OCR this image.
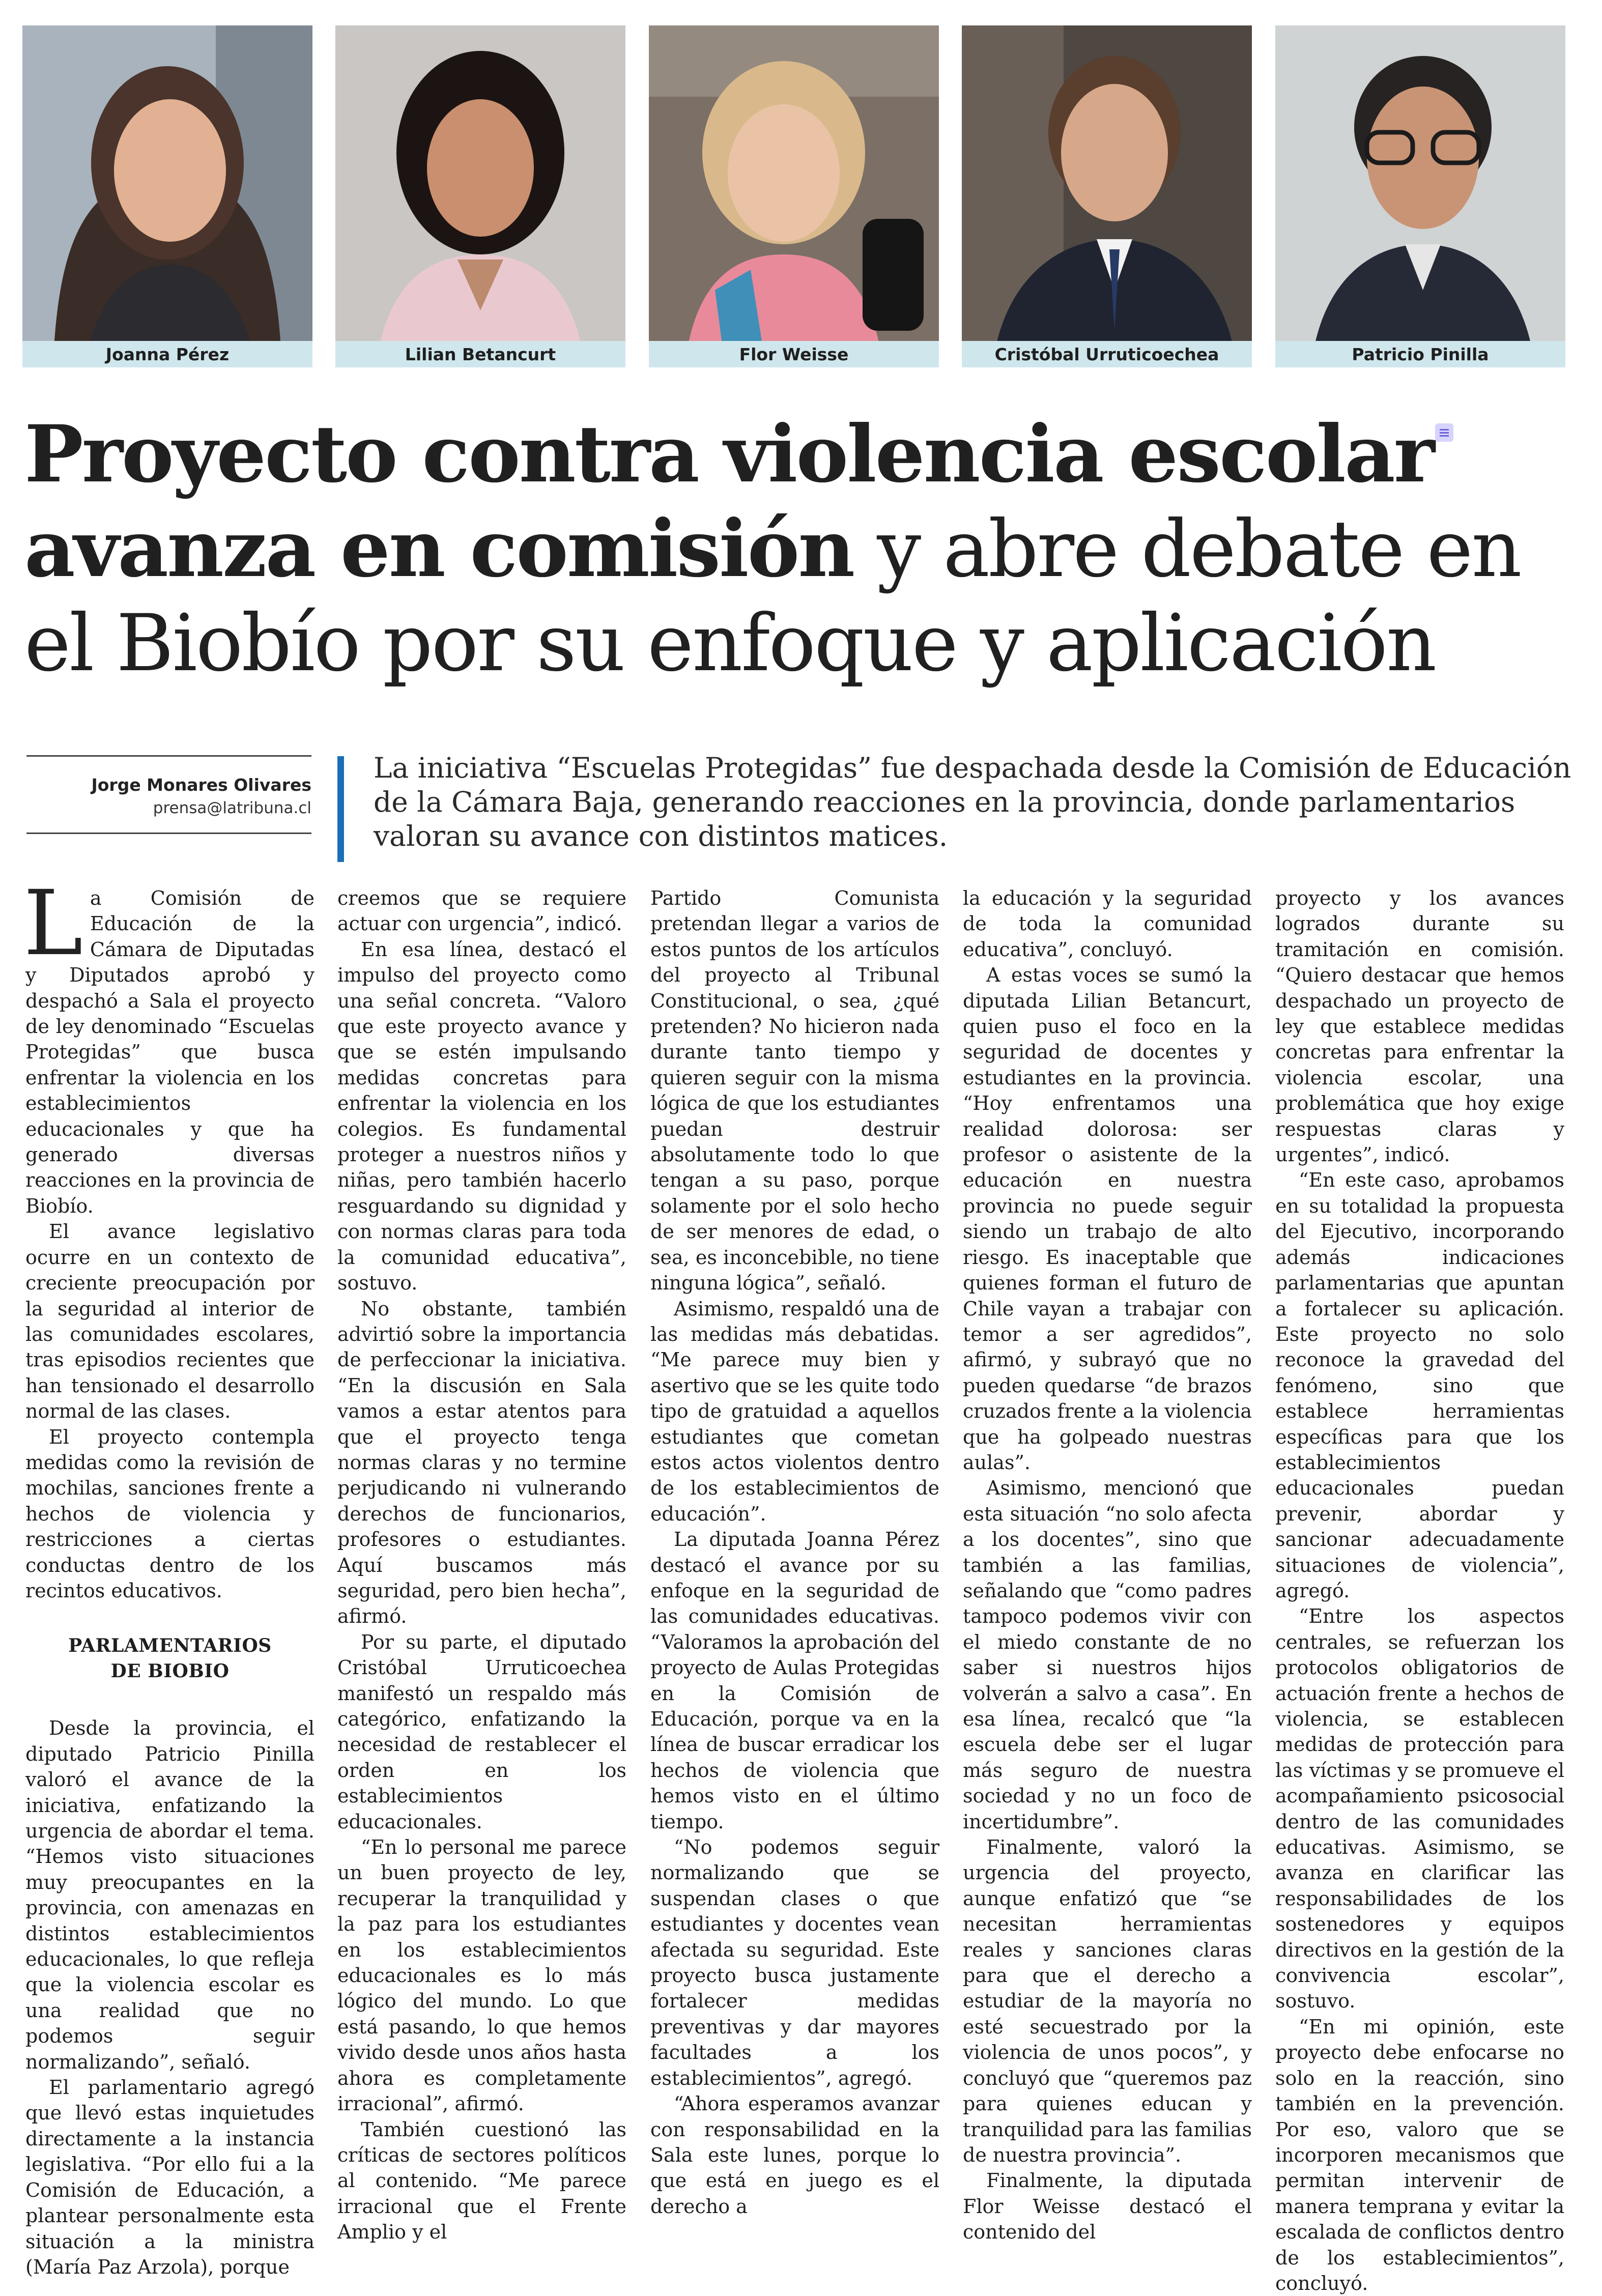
Joanna Pérez	Lilian Betancurt	Flor Weisse	Cristóbal Urruticoechea	Patricio Pinilla
Proyecto contra violencia escolar
avanza en comisión y abre debate en
el Biobío por su enfoque y aplicación
Jorge Monares Olivares
prensa@latribuna.cl

La iniciativa “Escuelas Protegidas” fue despachada desde la Comisión de Educación de la Cámara Baja, generando reacciones en la provincia, donde parlamentarios valoran su avance con distintos matices.

La Comisión de Educación de la Cámara de Diputadas y Diputados aprobó y despachó a Sala el proyecto de ley denominado “Escuelas Protegidas” que busca enfrentar la violencia en los establecimientos educacionales y que ha generado diversas reacciones en la provincia de Biobío.

El avance legislativo ocurre en un contexto de creciente preocupación por la seguridad al interior de las comunidades escolares, tras episodios recientes que han tensionado el desarrollo normal de las clases.

El proyecto contempla medidas como la revisión de mochilas, sanciones frente a hechos de violencia y restricciones a ciertas conductas dentro de los recintos educativos.

PARLAMENTARIOS
DE BIOBIO

Desde la provincia, el diputado Patricio Pinilla valoró el avance de la iniciativa, enfatizando la urgencia de abordar el tema. “Hemos visto situaciones muy preocupantes en la provincia, con amenazas en distintos establecimientos educacionales, lo que refleja que la violencia escolar es una realidad que no podemos seguir normalizando”, señaló.

El parlamentario agregó que llevó estas inquietudes directamente a la instancia legislativa. “Por ello fui a la Comisión de Educación, a plantear personalmente esta situación a la ministra (María Paz Arzola), porque

creemos que se requiere actuar con urgencia”, indicó.

En esa línea, destacó el impulso del proyecto como una señal concreta. “Valoro que este proyecto avance y que se estén impulsando medidas concretas para enfrentar la violencia en los colegios. Es fundamental proteger a nuestros niños y niñas, pero también hacerlo resguardando su dignidad y con normas claras para toda la comunidad educativa”, sostuvo.

No obstante, también advirtió sobre la importancia de perfeccionar la iniciativa. “En la discusión en Sala vamos a estar atentos para que el proyecto tenga normas claras y no termine perjudicando ni vulnerando derechos de funcionarios, profesores o estudiantes. Aquí buscamos más seguridad, pero bien hecha”, afirmó.

Por su parte, el diputado Cristóbal Urruticoechea manifestó un respaldo más categórico, enfatizando la necesidad de restablecer el orden en los establecimientos educacionales.

“En lo personal me parece un buen proyecto de ley, recuperar la tranquilidad y la paz para los estudiantes en los establecimientos educacionales es lo más lógico del mundo. Lo que está pasando, lo que hemos vivido desde unos años hasta ahora es completamente irracional”, afirmó.

También cuestionó las críticas de sectores políticos al contenido. “Me parece irracional que el Frente Amplio y el

Partido Comunista pretendan llegar a varios de estos puntos de los artículos del proyecto al Tribunal Constitucional, o sea, ¿qué pretenden? No hicieron nada durante tanto tiempo y quieren seguir con la misma lógica de que los estudiantes puedan destruir absolutamente todo lo que tengan a su paso, porque solamente por el solo hecho de ser menores de edad, o sea, es inconcebible, no tiene ninguna lógica”, señaló.

Asimismo, respaldó una de las medidas más debatidas. “Me parece muy bien y asertivo que se les quite todo tipo de gratuidad a aquellos estudiantes que cometan estos actos violentos dentro de los establecimientos de educación”.

La diputada Joanna Pérez destacó el avance por su enfoque en la seguridad de las comunidades educativas. “Valoramos la aprobación del proyecto de Aulas Protegidas en la Comisión de Educación, porque va en la línea de buscar erradicar los hechos de violencia que hemos visto en el último tiempo.

“No podemos seguir normalizando que se suspendan clases o que estudiantes y docentes vean afectada su seguridad. Este proyecto busca justamente fortalecer medidas preventivas y dar mayores facultades a los establecimientos”, agregó.

“Ahora esperamos avanzar con responsabilidad en la Sala este lunes, porque lo que está en juego es el derecho a

la educación y la seguridad de toda la comunidad educativa”, concluyó.

A estas voces se sumó la diputada Lilian Betancurt, quien puso el foco en la seguridad de docentes y estudiantes en la provincia. “Hoy enfrentamos una realidad dolorosa: ser profesor o asistente de la educación en nuestra provincia no puede seguir siendo un trabajo de alto riesgo. Es inaceptable que quienes forman el futuro de Chile vayan a trabajar con temor a ser agredidos”, afirmó, y subrayó que no pueden quedarse “de brazos cruzados frente a la violencia que ha golpeado nuestras aulas”.

Asimismo, mencionó que esta situación “no solo afecta a los docentes”, sino que también a las familias, señalando que “como padres tampoco podemos vivir con el miedo constante de no saber si nuestros hijos volverán a salvo a casa”. En esa línea, recalcó que “la escuela debe ser el lugar más seguro de nuestra sociedad y no un foco de incertidumbre”.

Finalmente, valoró la urgencia del proyecto, aunque enfatizó que “se necesitan herramientas reales y sanciones claras para que el derecho a estudiar de la mayoría no esté secuestrado por la violencia de unos pocos”, y concluyó que “queremos paz para quienes educan y tranquilidad para las familias de nuestra provincia”.

Finalmente, la diputada Flor Weisse destacó el contenido del

proyecto y los avances logrados durante su tramitación en comisión. “Quiero destacar que hemos despachado un proyecto de ley que establece medidas concretas para enfrentar la violencia escolar, una problemática que hoy exige respuestas claras y urgentes”, indicó.

“En este caso, aprobamos en su totalidad la propuesta del Ejecutivo, incorporando además indicaciones parlamentarias que apuntan a fortalecer su aplicación. Este proyecto no solo reconoce la gravedad del fenómeno, sino que establece herramientas específicas para que los establecimientos educacionales puedan prevenir, abordar y sancionar adecuadamente situaciones de violencia”, agregó.

“Entre los aspectos centrales, se refuerzan los protocolos obligatorios de actuación frente a hechos de violencia, se establecen medidas de protección para las víctimas y se promueve el acompañamiento psicosocial dentro de las comunidades educativas. Asimismo, se avanza en clarificar las responsabilidades de los sostenedores y equipos directivos en la gestión de la convivencia escolar”, sostuvo.

“En mi opinión, este proyecto debe enfocarse no solo en la reacción, sino también en la prevención. Por eso, valoro que se incorporen mecanismos que permitan intervenir de manera temprana y evitar la escalada de conflictos dentro de los establecimientos”, concluyó.
